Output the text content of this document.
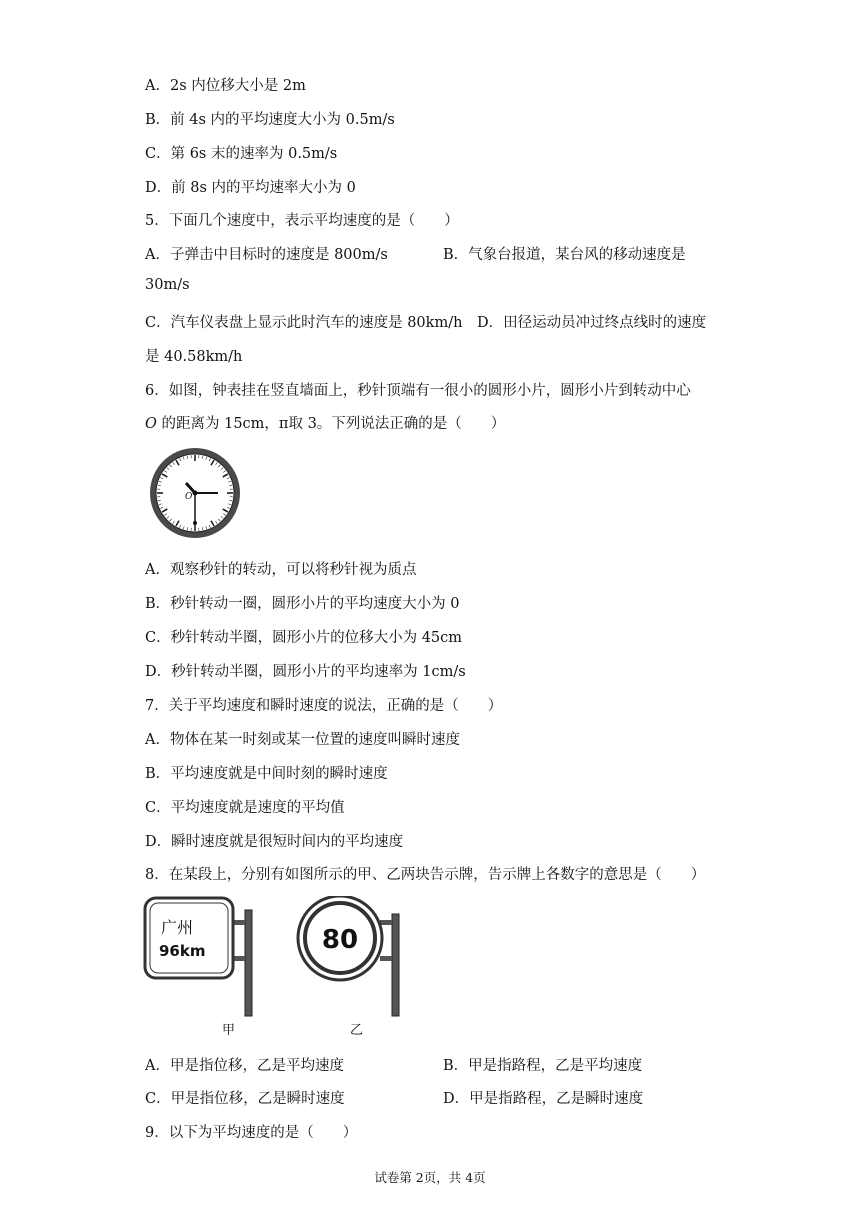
A．2s 内位移大小是 2m
B．前 4s 内的平均速度大小为 0.5m/s
C．第 6s 末的速率为 0.5m/s
D．前 8s 内的平均速率大小为 0
5．下面几个速度中，表示平均速度的是（　　）
A．子弹击中目标时的速度是 800m/s	B．气象台报道，某台风的移动速度是
30m/s
C．汽车仪表盘上显示此时汽车的速度是 80km/h D．田径运动员冲过终点线时的速度
是 40.58km/h
6．如图，钟表挂在竖直墙面上，秒针顶端有一很小的圆形小片，圆形小片到转动中心
O 的距离为 15cm，π取 3。下列说法正确的是（　　）
O
A．观察秒针的转动，可以将秒针视为质点
B．秒针转动一圈，圆形小片的平均速度大小为 0
C．秒针转动半圈，圆形小片的位移大小为 45cm
D．秒针转动半圈，圆形小片的平均速率为 1cm/s
7．关于平均速度和瞬时速度的说法，正确的是（　　）
A．物体在某一时刻或某一位置的速度叫瞬时速度
B．平均速度就是中间时刻的瞬时速度
C．平均速度就是速度的平均值
D．瞬时速度就是很短时间内的平均速度
8．在某段上，分别有如图所示的甲、乙两块告示牌，告示牌上各数字的意思是（　　）
广州
96km	80
甲	乙
A．甲是指位移，乙是平均速度	B．甲是指路程，乙是平均速度
C．甲是指位移，乙是瞬时速度	D．甲是指路程，乙是瞬时速度
9．以下为平均速度的是（　　）
试卷第 2页，共 4页
